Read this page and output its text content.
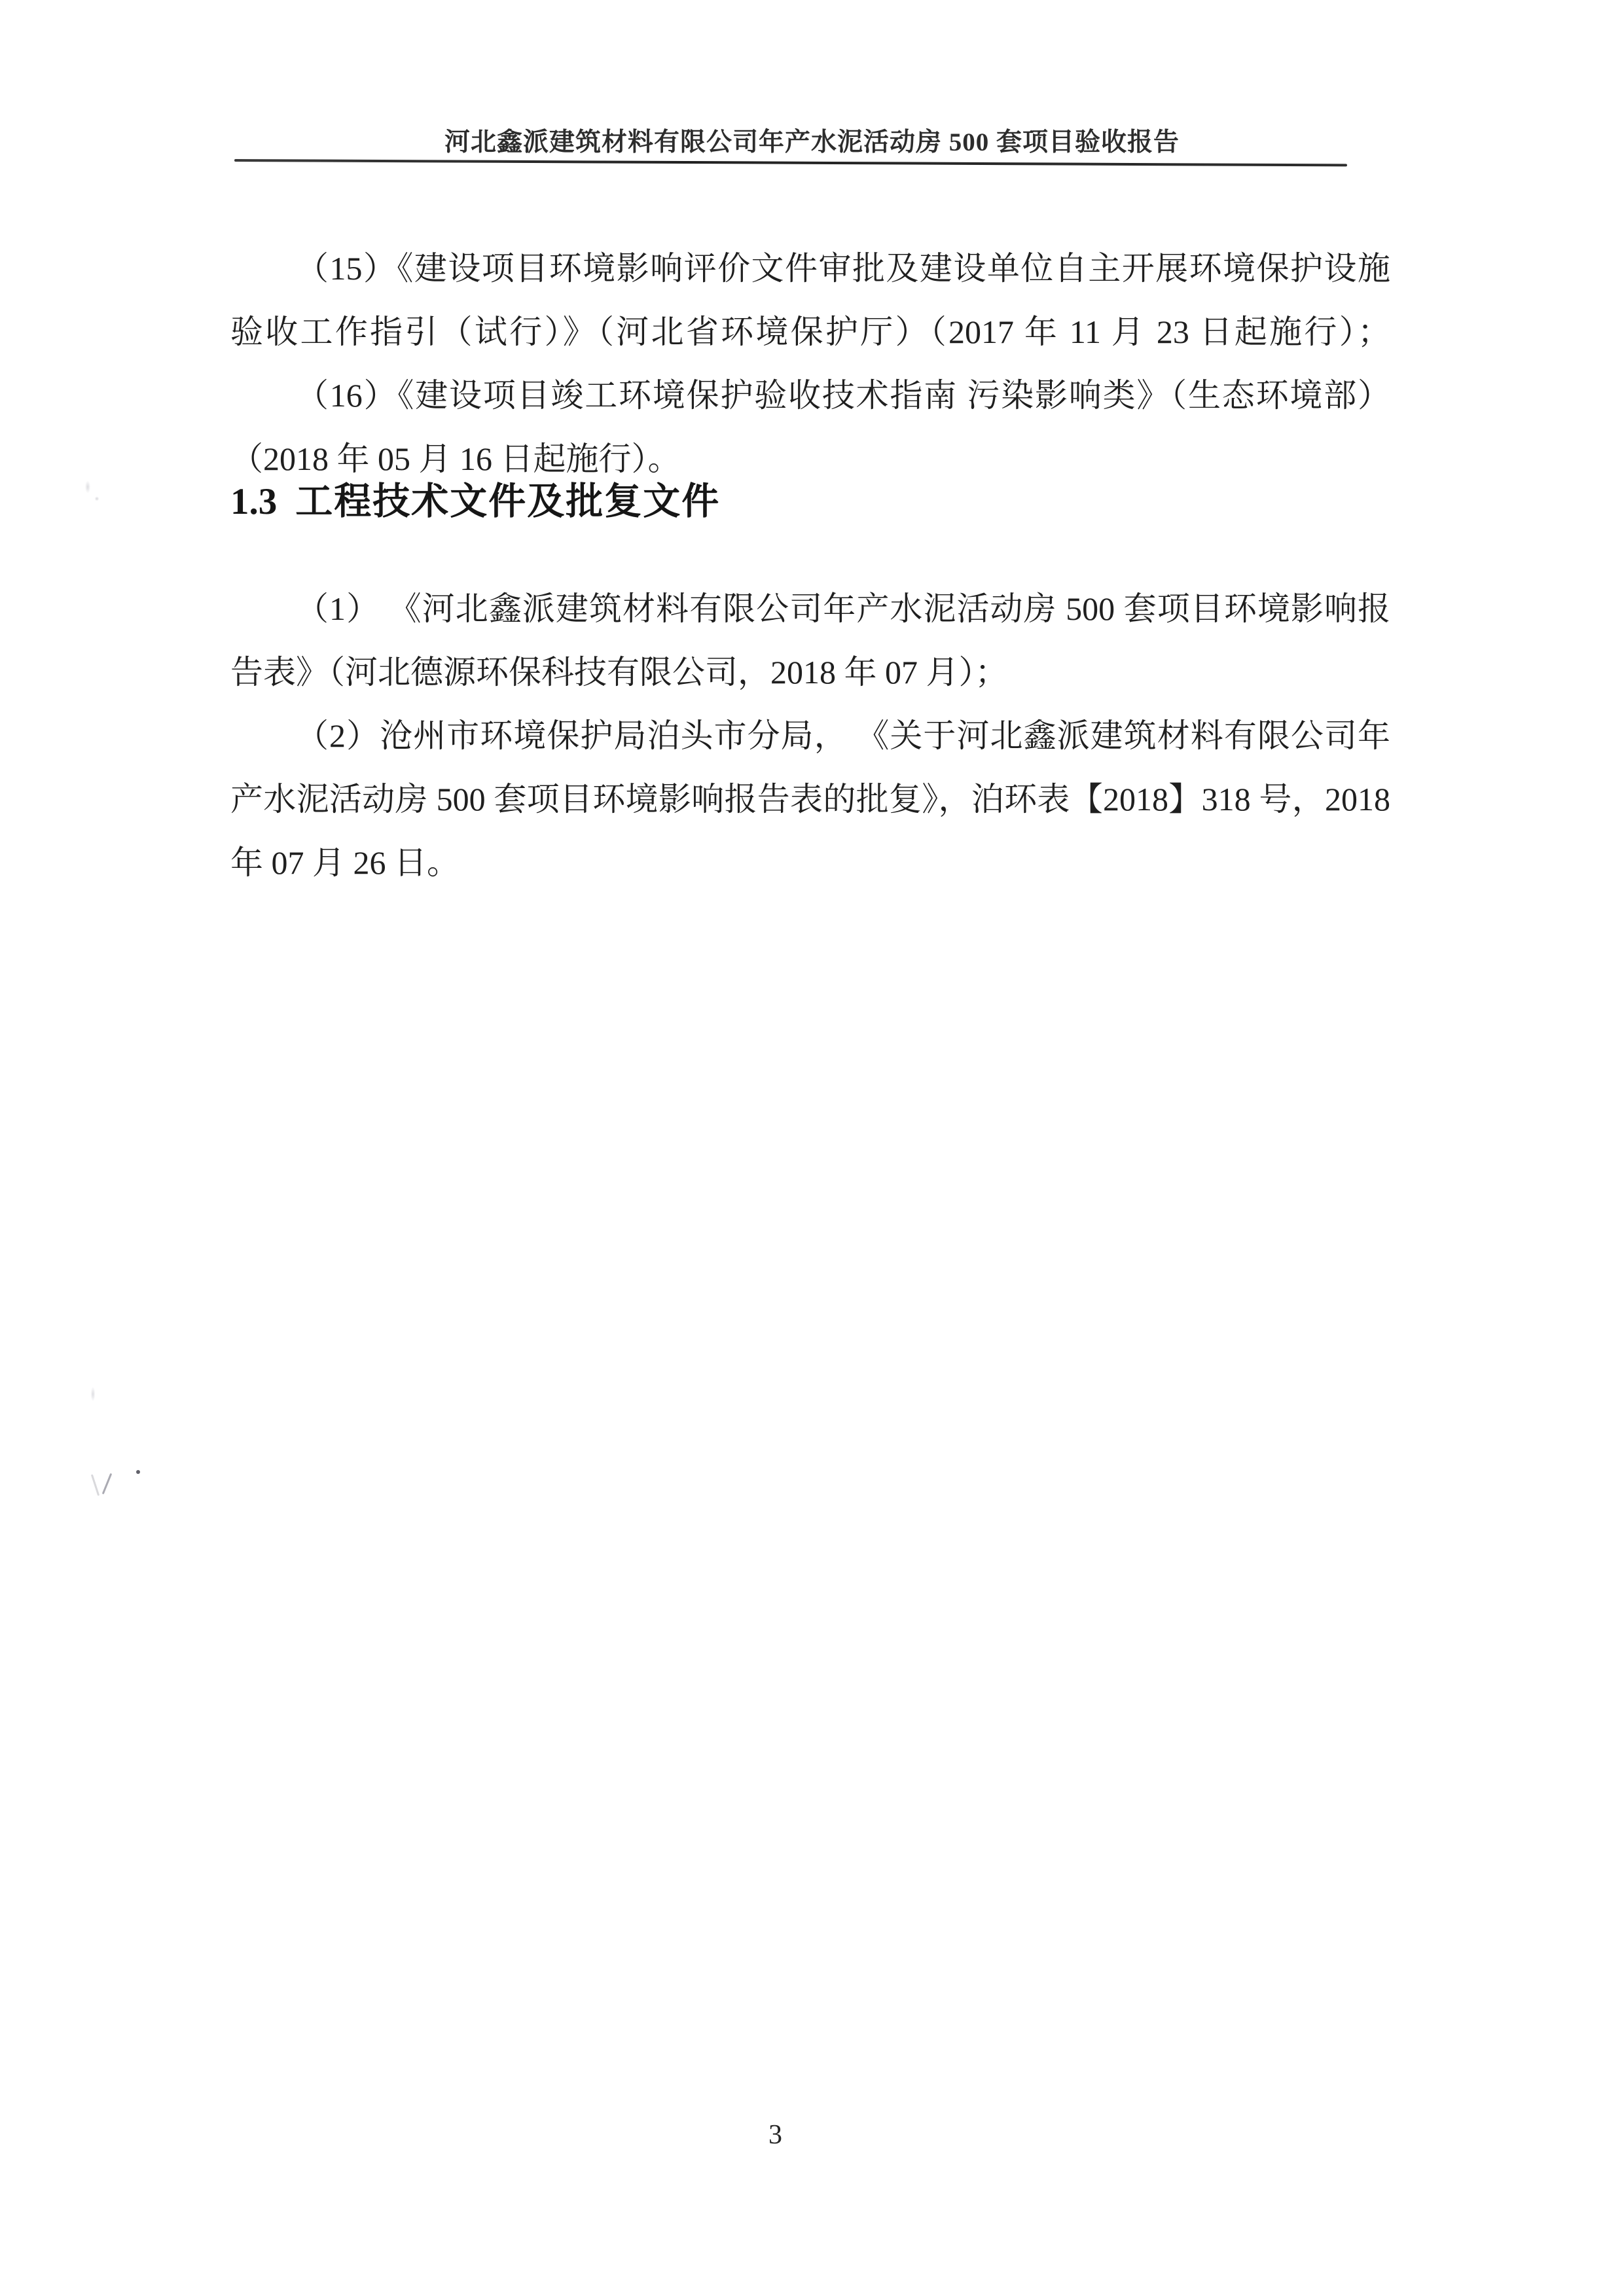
河北鑫派建筑材料有限公司年产水泥活动房 500 套项目验收报告

（15）《建设项目环境影响评价文件审批及建设单位自主开展环境保护设施
验收工作指引（试行）》（河北省环境保护厅）（2017 年 11 月 23 日起施行）；

（16）《建设项目竣工环境保护验收技术指南 污染影响类》（生态环境部）
（2018 年 05 月 16 日起施行）。

1.3 工程技术文件及批复文件

（1） 《河北鑫派建筑材料有限公司年产水泥活动房 500 套项目环境影响报
告表》（河北德源环保科技有限公司，2018 年 07 月）；

（2）沧州市环境保护局泊头市分局， 《关于河北鑫派建筑材料有限公司年
产水泥活动房 500 套项目环境影响报告表的批复》，泊环表【2018】318 号，2018
年 07 月 26 日。

3
